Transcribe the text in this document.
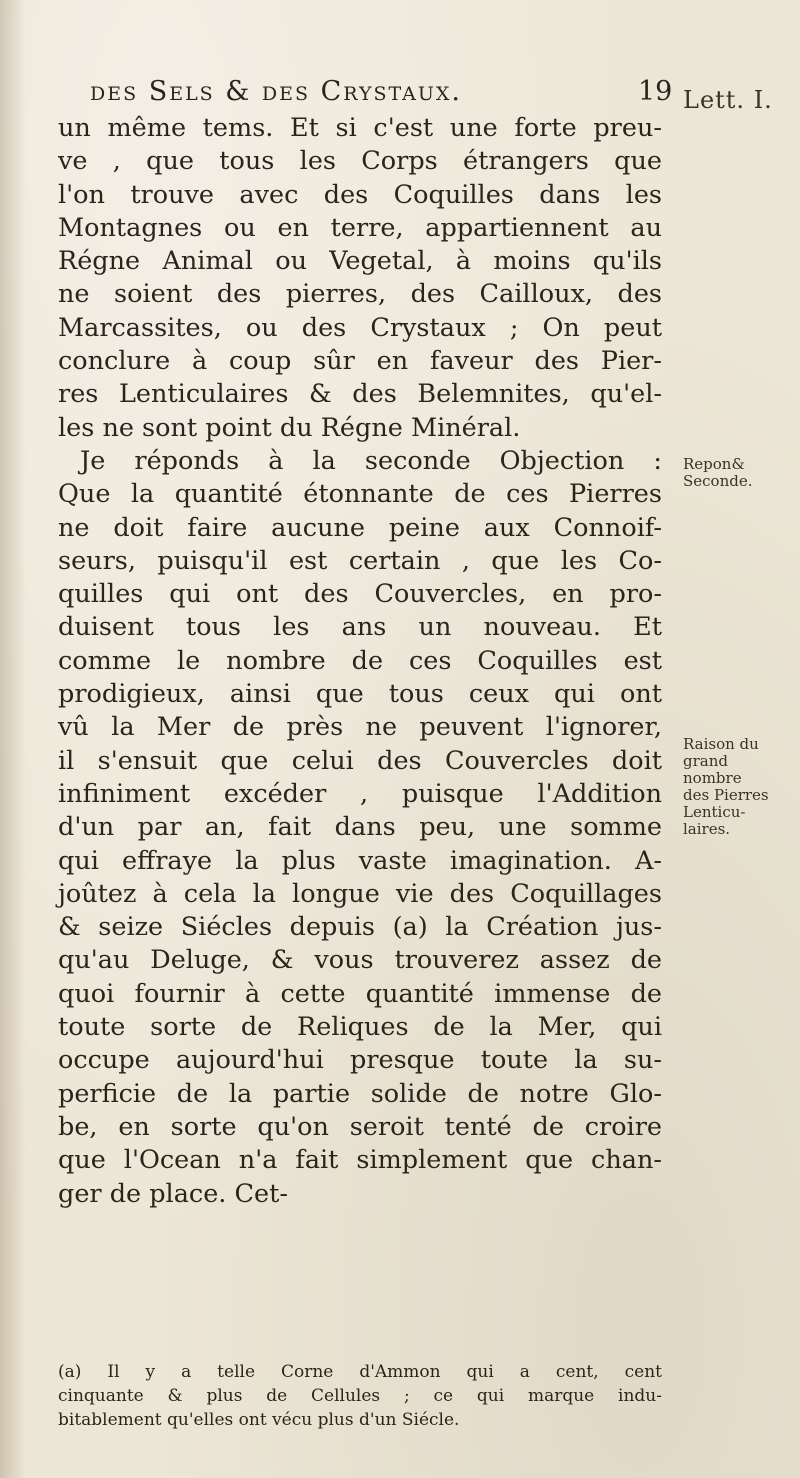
des Sels & des Crystaux.	19
un même tems. Et si c'est une forte preu-
ve , que tous les Corps étrangers que
l'on trouve avec des Coquilles dans les
Montagnes ou en terre, appartiennent au
Régne Animal ou Vegetal, à moins qu'ils
ne soient des pierres, des Cailloux, des
Marcassites, ou des Crystaux ; On peut
conclure à coup sûr en faveur des Pier-
res Lenticulaires & des Belemnites, qu'el-
les ne sont point du Régne Minéral.
Je réponds à la seconde Objection :
Que la quantité étonnante de ces Pierres
ne doit faire aucune peine aux Connoif-
seurs, puisqu'il est certain , que les Co-
quilles qui ont des Couvercles, en pro-
duisent tous les ans un nouveau. Et
comme le nombre de ces Coquilles est
prodigieux, ainsi que tous ceux qui ont
vû la Mer de près ne peuvent l'ignorer,
il s'ensuit que celui des Couvercles doit
infiniment excéder , puisque l'Addition
d'un par an, fait dans peu, une somme
qui effraye la plus vaste imagination. A-
joûtez à cela la longue vie des Coquillages
& seize Siécles depuis (a) la Création jus-
qu'au Deluge, & vous trouverez assez de
quoi fournir à cette quantité immense de
toute sorte de Reliques de la Mer, qui
occupe aujourd'hui presque toute la su-
perficie de la partie solide de notre Glo-
be, en sorte qu'on seroit tenté de croire
que l'Ocean n'a fait simplement que chan-
ger de place. Cet-
Lett. I.
Repon&
Seconde.
Raison du
grand
nombre
des Pierres
Lenticu-
laires.
(a) Il y a telle Corne d'Ammon qui a cent, cent
cinquante & plus de Cellules ; ce qui marque indu-
bitablement qu'elles ont vécu plus d'un Siécle.
